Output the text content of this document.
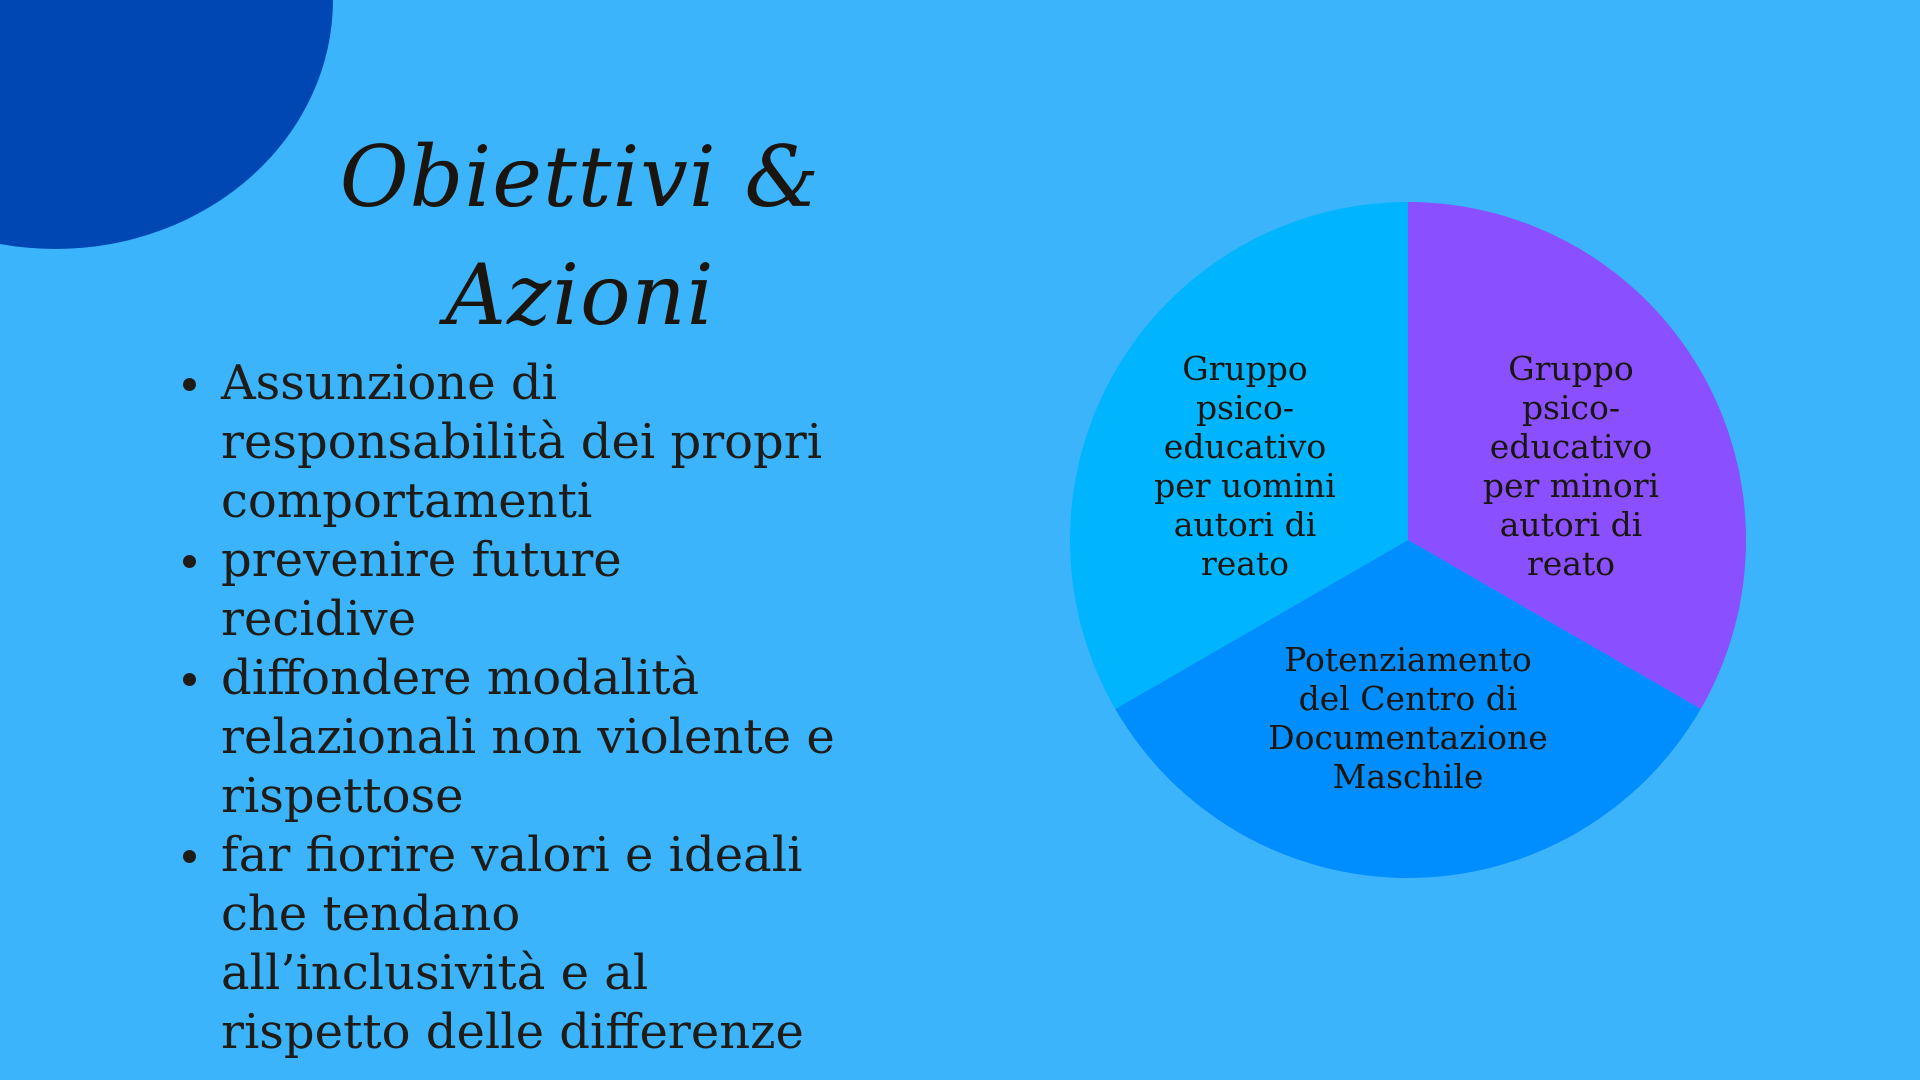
Obiettivi &
Azioni
Assunzione di
responsabilità dei propri
comportamenti
prevenire future
recidive
diffondere modalità
relazionali non violente e
rispettose
far fiorire valori e ideali
che tendano
all’inclusività e al
rispetto delle differenze
Gruppo psico-educativo per minori autori di reato
Potenziamento del Centro di Documentazione Maschile
Gruppo psico-educativo per uomini autori di reato
